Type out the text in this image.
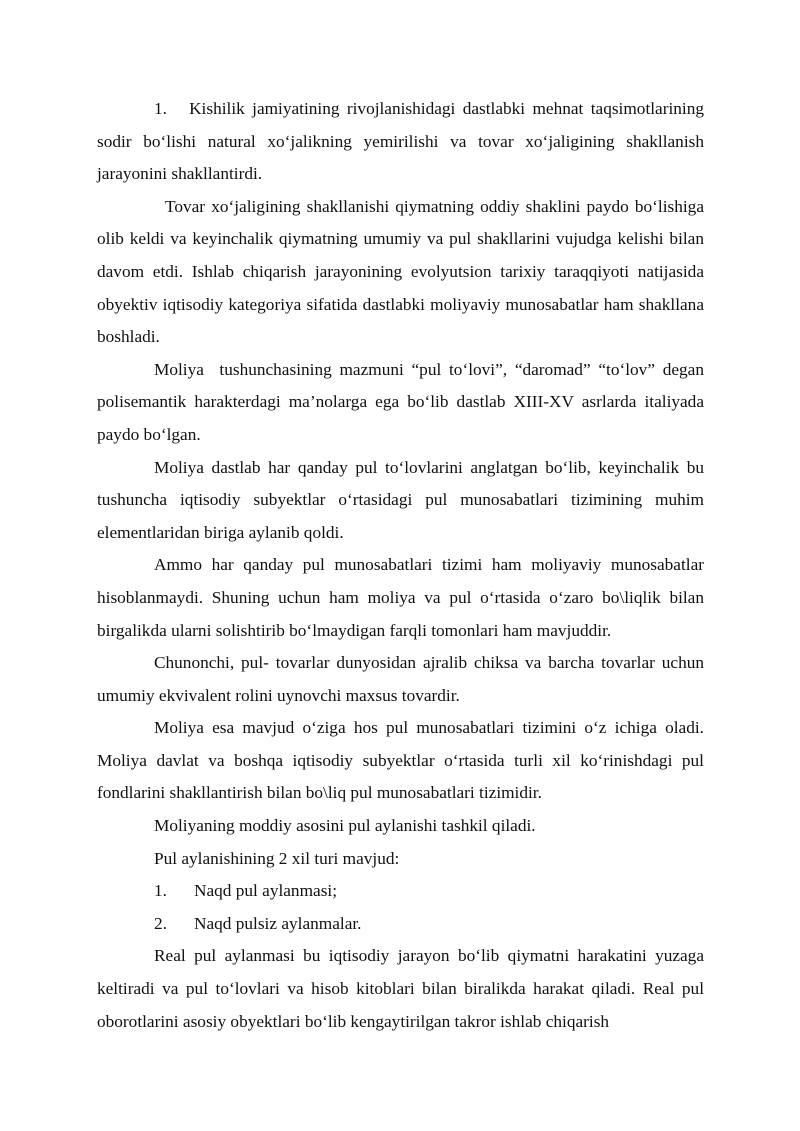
1.   Kishilik jamiyatining rivojlanishidagi dastlabki mehnat taqsimotlarining sodir bo‘lishi natural xo‘jalikning yemirilishi va tovar xo‘jaligining shakllanish jarayonini shakllantirdi.

Tovar xo‘jaligining shakllanishi qiymatning oddiy shaklini paydo bo‘lishiga olib keldi va keyinchalik qiymatning umumiy va pul shakllarini vujudga kelishi bilan davom etdi. Ishlab chiqarish jarayonining evolyutsion tarixiy taraqqiyoti natijasida obyektiv iqtisodiy kategoriya sifatida dastlabki moliyaviy munosabatlar ham shakllana boshladi.

Moliya  tushunchasining mazmuni “pul to‘lovi”, “daromad” “to‘lov” degan polisemantik harakterdagi ma’nolarga ega bo‘lib dastlab XIII-XV asrlarda italiyada paydo bo‘lgan.

Moliya dastlab har qanday pul to‘lovlarini anglatgan bo‘lib, keyinchalik bu tushuncha iqtisodiy subyektlar o‘rtasidagi pul munosabatlari tizimining muhim elementlaridan biriga aylanib qoldi.

Ammo har qanday pul munosabatlari tizimi ham moliyaviy munosabatlar hisoblanmaydi. Shuning uchun ham moliya va pul o‘rtasida o‘zaro bo\liqlik bilan birgalikda ularni solishtirib bo‘lmaydigan farqli tomonlari ham mavjuddir.

Chunonchi, pul- tovarlar dunyosidan ajralib chiksa va barcha tovarlar uchun umumiy ekvivalent rolini uynovchi maxsus tovardir.

Moliya esa mavjud o‘ziga hos pul munosabatlari tizimini o‘z ichiga oladi. Moliya davlat va boshqa iqtisodiy subyektlar o‘rtasida turli xil ko‘rinishdagi pul fondlarini shakllantirish bilan bo\liq pul munosabatlari tizimidir.

Moliyaning moddiy asosini pul aylanishi tashkil qiladi.

Pul aylanishining 2 xil turi mavjud:

1.	Naqd pul aylanmasi;
2.	Naqd pulsiz aylanmalar.

Real pul aylanmasi bu iqtisodiy jarayon bo‘lib qiymatni harakatini yuzaga keltiradi va pul to‘lovlari va hisob kitoblari bilan biralikda harakat qiladi. Real pul oborotlarini asosiy obyektlari bo‘lib kengaytirilgan takror ishlab chiqarish
